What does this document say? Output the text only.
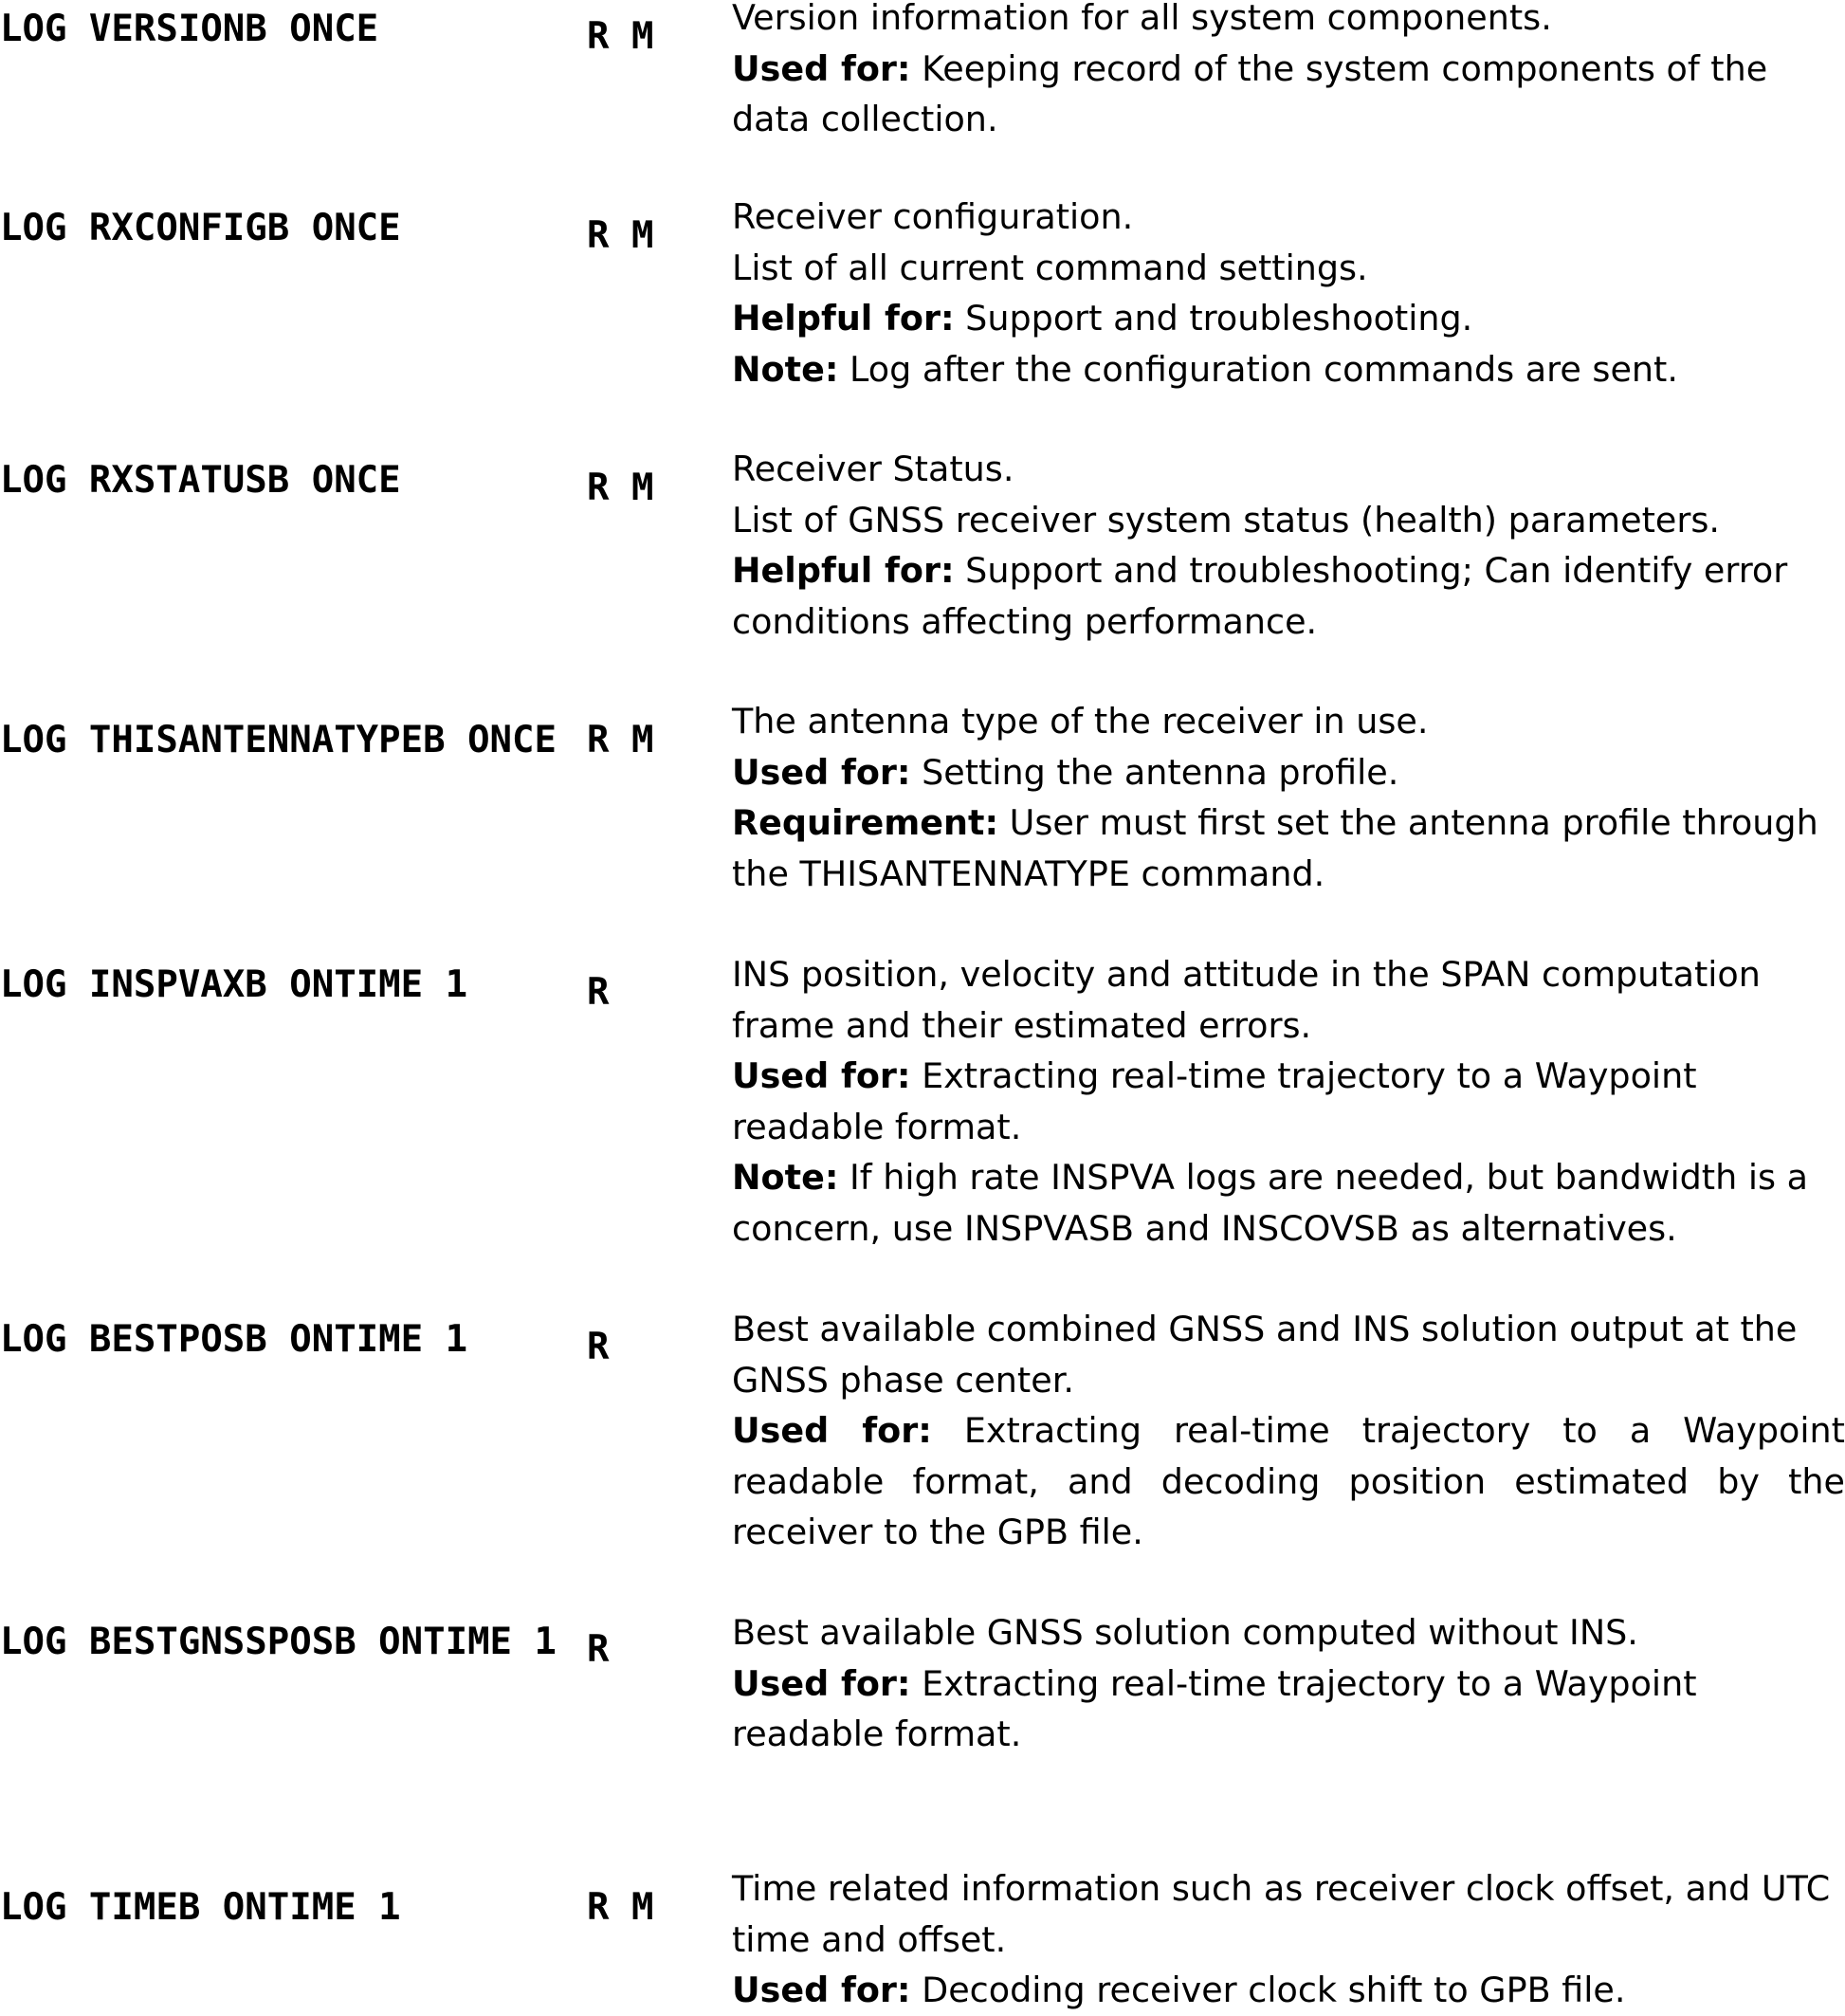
LOG VERSIONB ONCE	R M	Version information for all system components.
Used for: Keeping record of the system components of the data collection.
LOG RXCONFIGB ONCE	R M	Receiver configuration.
List of all current command settings.
Helpful for: Support and troubleshooting.
Note: Log after the configuration commands are sent.
LOG RXSTATUSB ONCE	R M	Receiver Status.
List of GNSS receiver system status (health) parameters.
Helpful for: Support and troubleshooting; Can identify error conditions affecting performance.
LOG THISANTENNATYPEB ONCE R M	The antenna type of the receiver in use.
Used for: Setting the antenna profile.
Requirement: User must first set the antenna profile through the THISANTENNATYPE command.
LOG INSPVAXB ONTIME 1	R	INS position, velocity and attitude in the SPAN computation frame and their estimated errors.
Used for: Extracting real-time trajectory to a Waypoint readable format.
Note: If high rate INSPVA logs are needed, but bandwidth is a concern, use INSPVASB and INSCOVSB as alternatives.
LOG BESTPOSB ONTIME 1	R	Best available combined GNSS and INS solution output at the GNSS phase center.
Used for: Extracting real-time trajectory to a Waypoint readable format, and decoding position estimated by the receiver to the GPB file.
LOG BESTGNSSPOSB ONTIME 1 R	Best available GNSS solution computed without INS.
Used for: Extracting real-time trajectory to a Waypoint readable format.
LOG TIMEB ONTIME 1	R M	Time related information such as receiver clock offset, and UTC time and offset.
Used for: Decoding receiver clock shift to GPB file.
